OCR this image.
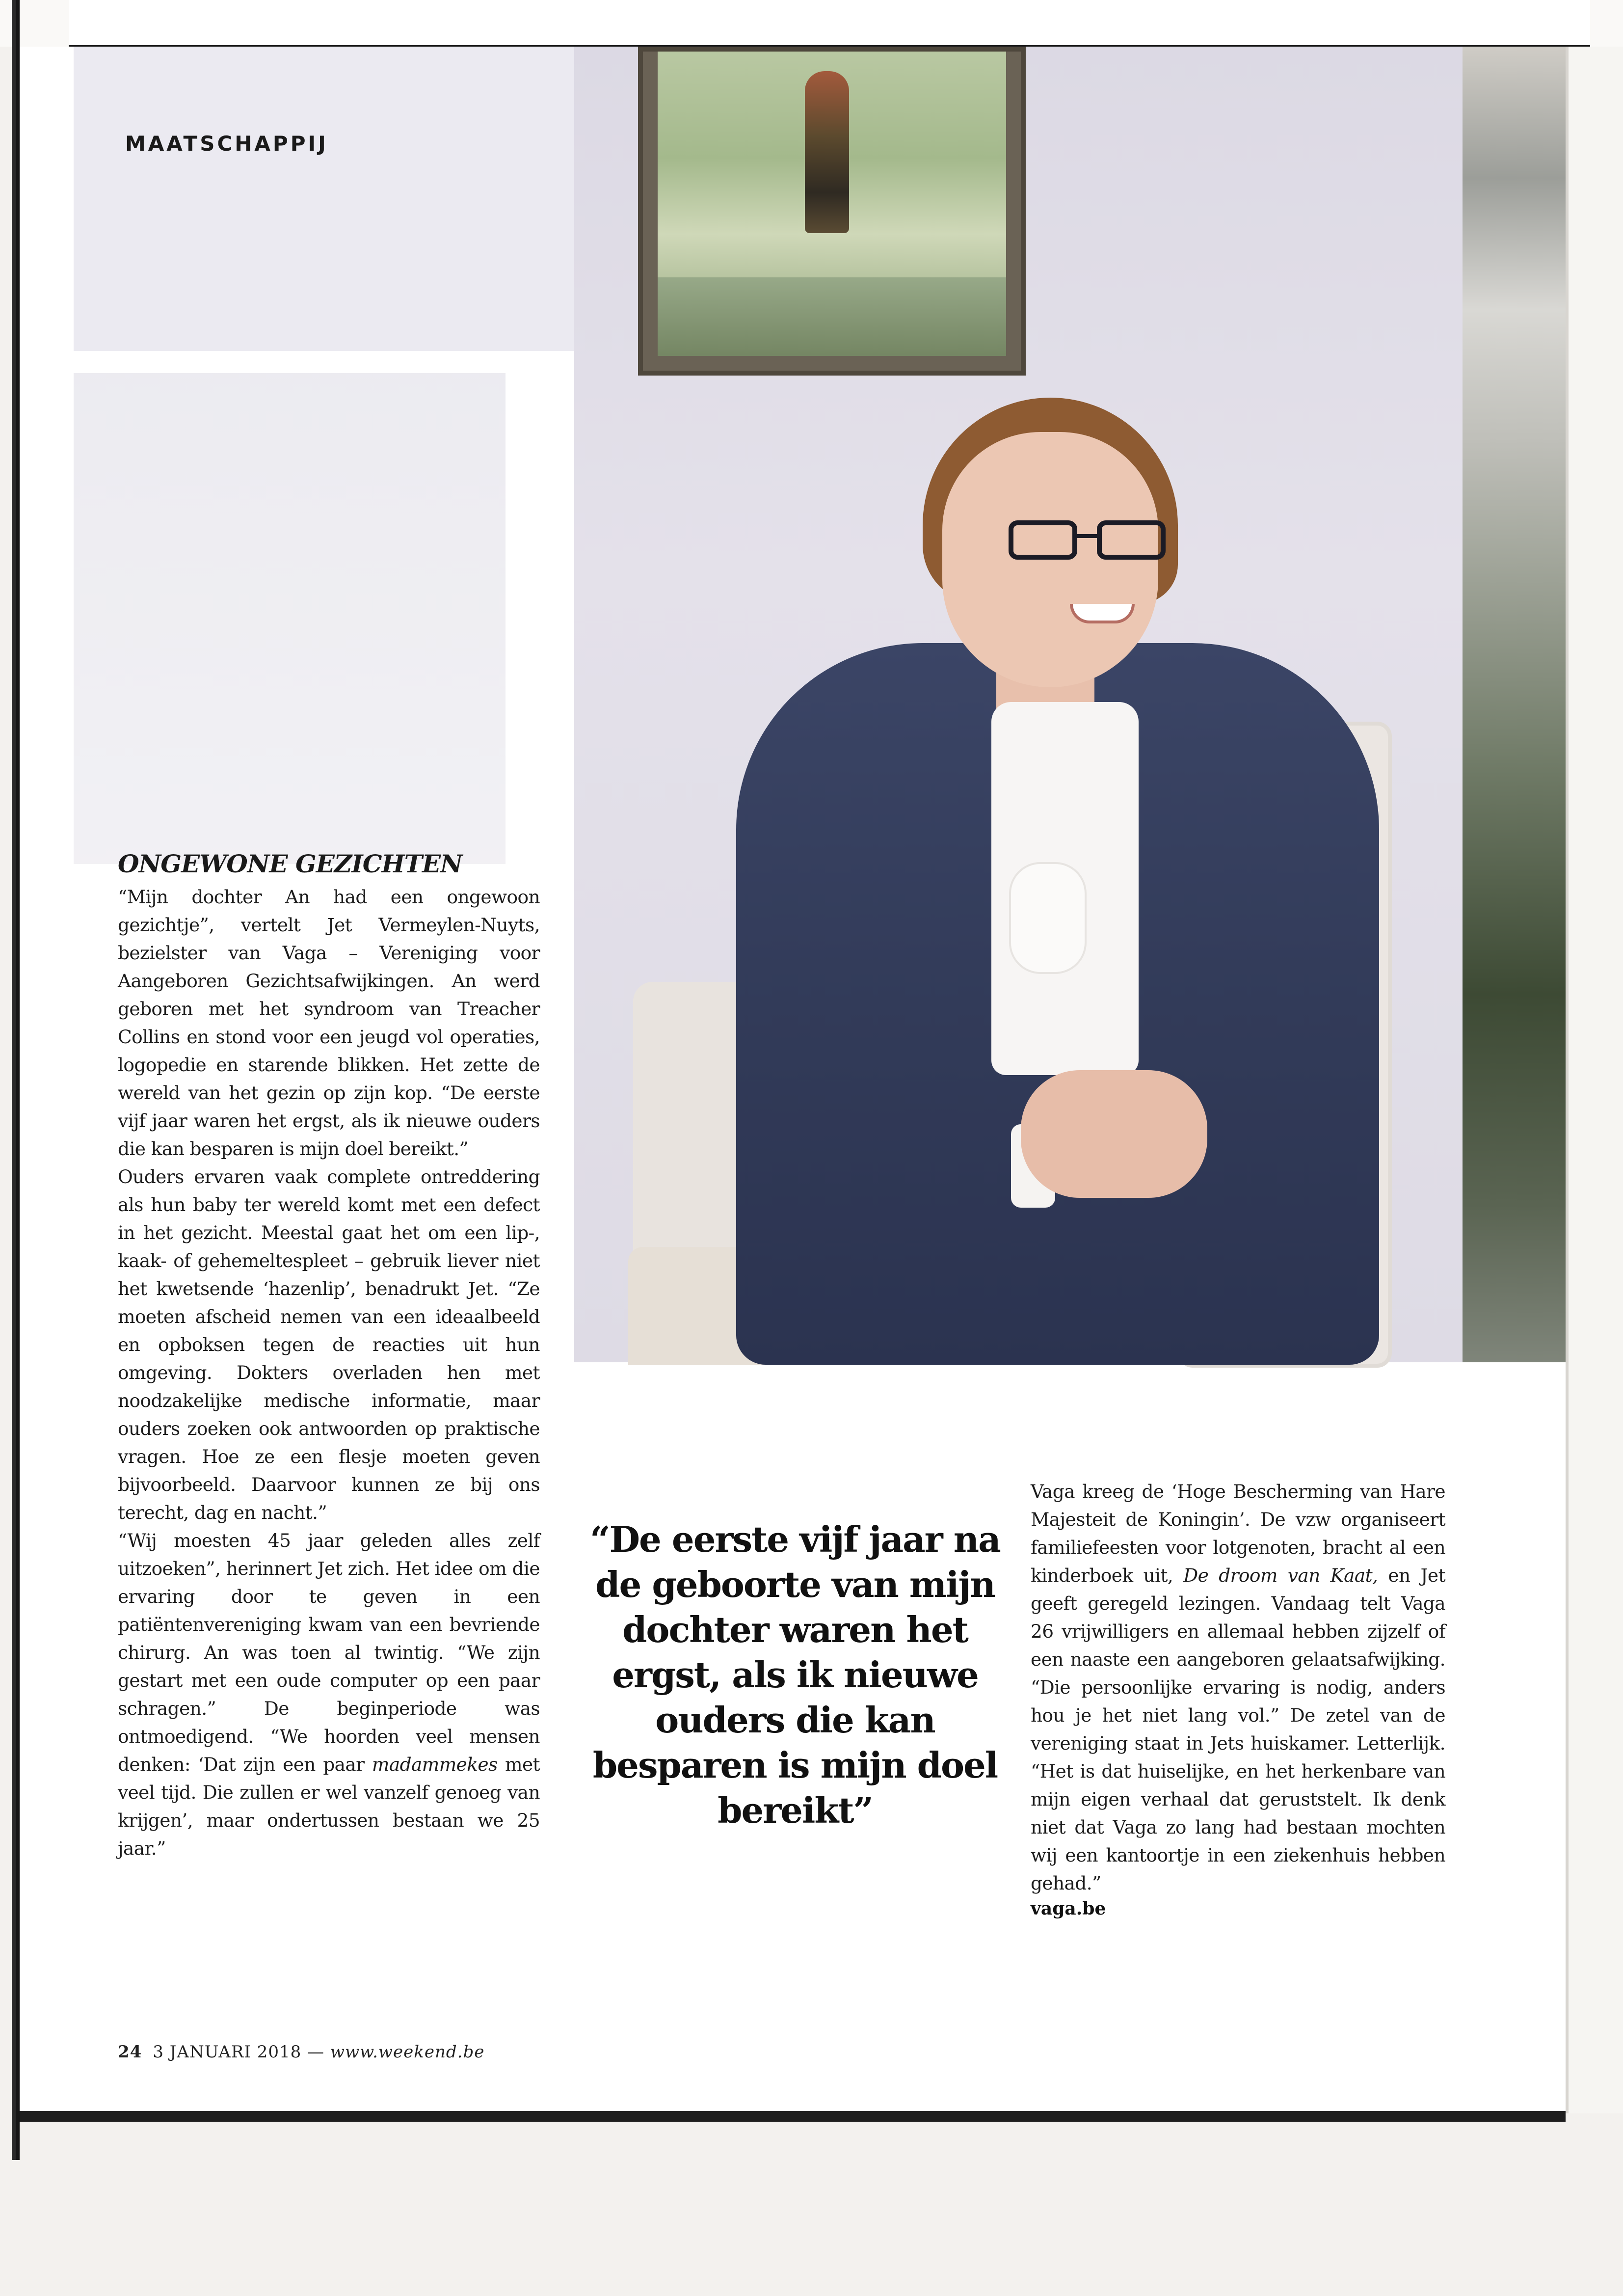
MAATSCHAPPIJ
ONGEWONE GEZICHTEN

“Mijn dochter An had een ongewoon gezichtje”, vertelt Jet Vermeylen-Nuyts, bezielster van Vaga – Vereniging voor Aangeboren Gezichtsafwijkingen. An werd geboren met het syndroom van Treacher Collins en stond voor een jeugd vol operaties, logopedie en starende blikken. Het zette de wereld van het gezin op zijn kop. “De eerste vijf jaar waren het ergst, als ik nieuwe ouders die kan besparen is mijn doel bereikt.”

Ouders ervaren vaak complete ontreddering als hun baby ter wereld komt met een defect in het gezicht. Meestal gaat het om een lip-, kaak- of gehemeltespleet – gebruik liever niet het kwetsende ‘hazenlip’, benadrukt Jet. “Ze moeten afscheid nemen van een ideaalbeeld en opboksen tegen de reacties uit hun omgeving. Dokters overladen hen met noodzakelijke medische informatie, maar ouders zoeken ook antwoorden op praktische vragen. Hoe ze een flesje moeten geven bijvoorbeeld. Daarvoor kunnen ze bij ons terecht, dag en nacht.”

“Wij moesten 45 jaar geleden alles zelf uitzoeken”, herinnert Jet zich. Het idee om die ervaring door te geven in een patiëntenvereniging kwam van een bevriende chirurg. An was toen al twintig. “We zijn gestart met een oude computer op een paar schragen.” De beginperiode was ontmoedigend. “We hoorden veel mensen denken: ‘Dat zijn een paar madammekes met veel tijd. Die zullen er wel vanzelf genoeg van krijgen’, maar ondertussen bestaan we 25 jaar.”

“De eerste vijf jaar na de geboorte van mijn dochter waren het ergst, als ik nieuwe ouders die kan besparen is mijn doel bereikt”

Vaga kreeg de ‘Hoge Bescherming van Hare Majesteit de Koningin’. De vzw organiseert familiefeesten voor lotgenoten, bracht al een kinderboek uit, De droom van Kaat, en Jet geeft geregeld lezingen. Vandaag telt Vaga 26 vrijwilligers en allemaal hebben zijzelf of een naaste een aangeboren gelaatsafwijking. “Die persoonlijke ervaring is nodig, anders hou je het niet lang vol.” De zetel van de vereniging staat in Jets huiskamer. Letterlijk. “Het is dat huiselijke, en het herkenbare van mijn eigen verhaal dat geruststelt. Ik denk niet dat Vaga zo lang had bestaan mochten wij een kantoortje in een ziekenhuis hebben gehad.”

vaga.be
24 3 JANUARI 2018 — www.weekend.be
